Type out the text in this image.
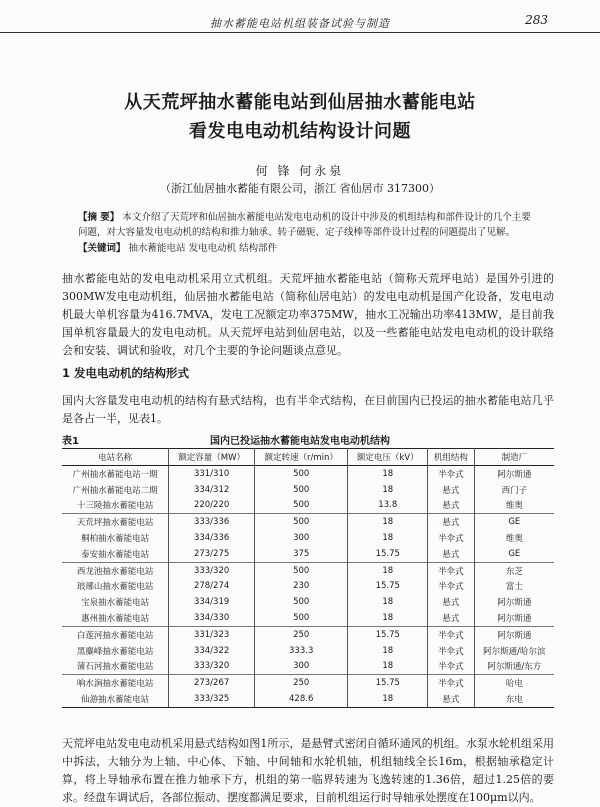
抽水蓄能电站机组装备试验与制造	283
从天荒坪抽水蓄能电站到仙居抽水蓄能电站
看发电电动机结构设计问题
何 锋 何永泉
（浙江仙居抽水蓄能有限公司，浙江 省仙居市 317300）
【摘 要】 本文介绍了天荒坪和仙居抽水蓄能电站发电电动机的设计中涉及的机组结构和部件设计的几个主要问题，对大容量发电电动机的结构和推力轴承、转子磁轭、定子线棒等部件设计过程的问题提出了见解。
【关键词】 抽水蓄能电站 发电电动机 结构部件
抽水蓄能电站的发电电动机采用立式机组。天荒坪抽水蓄能电站（简称天荒坪电站）是国外引进的300MW发电电动机组，仙居抽水蓄能电站（简称仙居电站）的发电电动机是国产化设备，发电电动机最大单机容量为416.7MVA，发电工况额定功率375MW，抽水工况输出功率413MW，是目前我国单机容量最大的发电电动机。从天荒坪电站到仙居电站，以及一些蓄能电站发电电动机的设计联络会和安装、调试和验收，对几个主要的争论问题谈点意见。
1 发电电动机的结构形式
国内大容量发电电动机的结构有悬式结构，也有半伞式结构，在目前国内已投运的抽水蓄能电站几乎是各占一半，见表1。
表1	国内已投运抽水蓄能电站发电电动机结构
电站名称	额定容量（MW）	额定转速（r/min）	额定电压（kV）	机组结构	制造厂
广州抽水蓄能电站一期	331/310	500	18	半伞式	阿尔斯通
广州抽水蓄能电站二期	334/312	500	18	悬式	西门子
十三陵抽水蓄能电站	220/220	500	13.8	悬式	维奥
天荒坪抽水蓄能电站	333/336	500	18	悬式	GE
桐柏抽水蓄能电站	334/336	300	18	半伞式	维奥
泰安抽水蓄能电站	273/275	375	15.75	悬式	GE
西龙池抽水蓄能电站	333/320	500	18	半伞式	东芝
琅琊山抽水蓄能电站	278/274	230	15.75	半伞式	富士
宝泉抽水蓄能电站	334/319	500	18	悬式	阿尔斯通
惠州抽水蓄能电站	334/330	500	18	悬式	阿尔斯通
白莲河抽水蓄能电站	331/323	250	15.75	半伞式	阿尔斯通
黑麋峰抽水蓄能电站	334/322	333.3	18	半伞式	阿尔斯通/哈尔滨
蒲石河抽水蓄能电站	333/320	300	18	半伞式	阿尔斯通/东方
响水涧抽水蓄能电站	273/267	250	15.75	半伞式	哈电
仙游抽水蓄能电站	333/325	428.6	18	悬式	东电
天荒坪电站发电电动机采用悬式结构如图1所示，是悬臂式密闭自循环通风的机组。水泵水轮机组采用中拆法，大轴分为上轴、中心体、下轴、中间轴和水轮机轴，机组轴线全长16m，根据轴承稳定计算，将上导轴承布置在推力轴承下方，机组的第一临界转速为飞逸转速的1.36倍，超过1.25倍的要求。经盘车调试后，各部位振动、摆度都满足要求，目前机组运行时导轴承处摆度在100μm以内。
